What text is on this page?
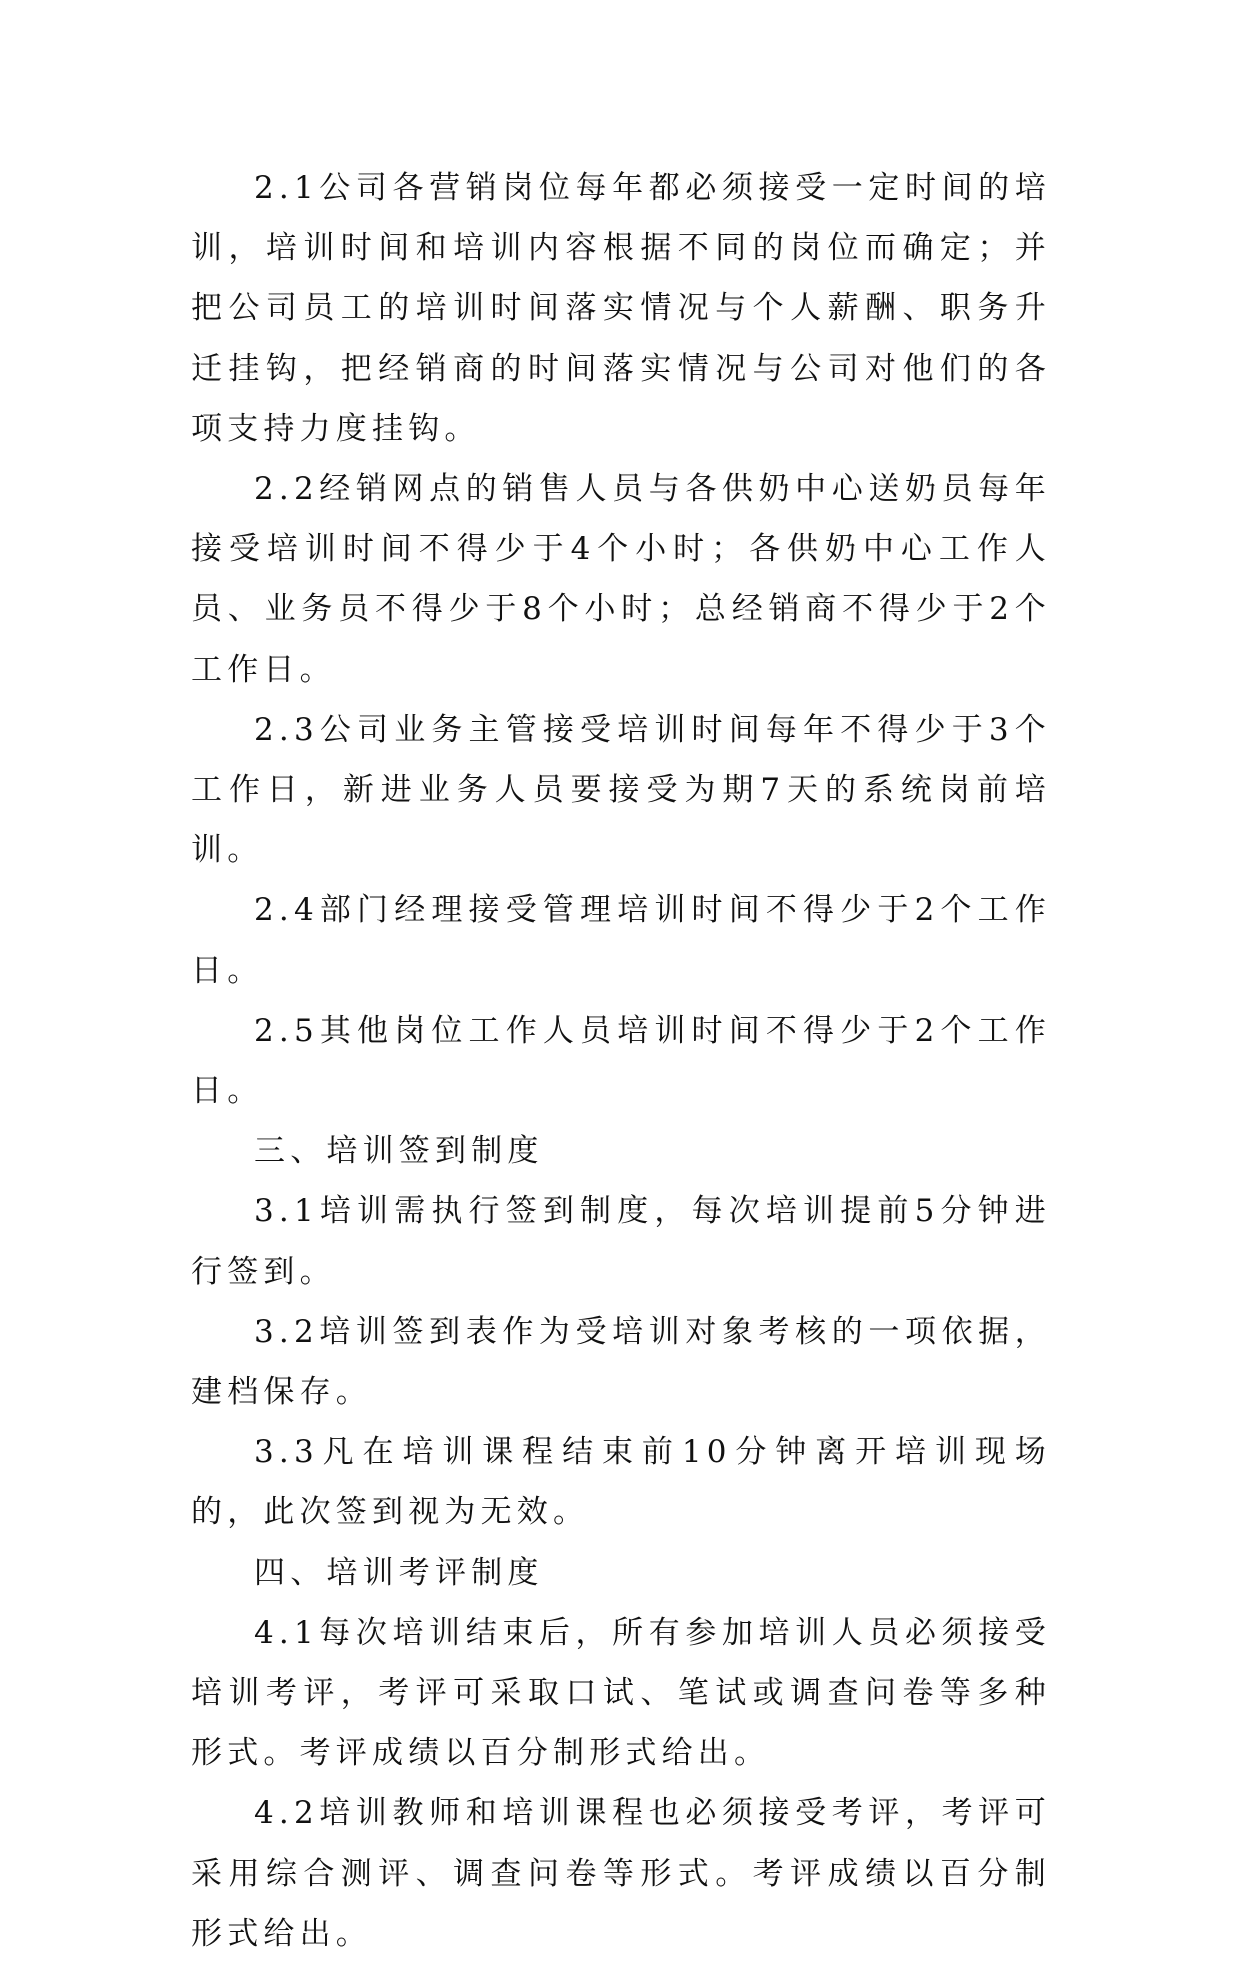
2.1公司各营销岗位每年都必须接受一定时间的培训，培训时间和培训内容根据不同的岗位而确定；并把公司员工的培训时间落实情况与个人薪酬、职务升迁挂钩，把经销商的时间落实情况与公司对他们的各项支持力度挂钩。

2.2经销网点的销售人员与各供奶中心送奶员每年接受培训时间不得少于4个小时；各供奶中心工作人员、业务员不得少于8个小时；总经销商不得少于2个工作日。

2.3公司业务主管接受培训时间每年不得少于3个工作日，新进业务人员要接受为期7天的系统岗前培训。

2.4部门经理接受管理培训时间不得少于2个工作日。

2.5其他岗位工作人员培训时间不得少于2个工作日。

三、培训签到制度

3.1培训需执行签到制度，每次培训提前5分钟进行签到。

3.2培训签到表作为受培训对象考核的一项依据，建档保存。

3.3凡在培训课程结束前10分钟离开培训现场的，此次签到视为无效。

四、培训考评制度

4.1每次培训结束后，所有参加培训人员必须接受培训考评，考评可采取口试、笔试或调查问卷等多种形式。考评成绩以百分制形式给出。

4.2培训教师和培训课程也必须接受考评，考评可采用综合测评、调查问卷等形式。考评成绩以百分制形式给出。
